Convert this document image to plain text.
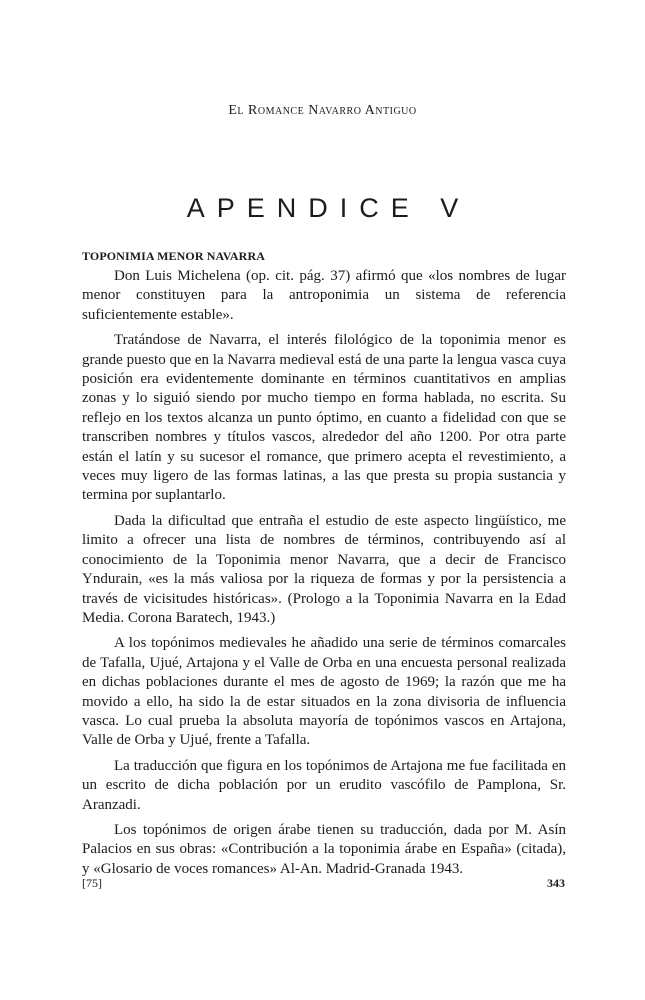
El Romance Navarro Antiguo
APENDICE V
TOPONIMIA MENOR NAVARRA

Don Luis Michelena (op. cit. pág. 37) afirmó que «los nombres de lugar menor constituyen para la antroponimia un sistema de referencia suficientemente estable».

Tratándose de Navarra, el interés filológico de la toponimia menor es grande puesto que en la Navarra medieval está de una parte la lengua vasca cuya posición era evidentemente dominante en términos cuantitativos en amplias zonas y lo siguió siendo por mucho tiempo en forma hablada, no escrita. Su reflejo en los textos alcanza un punto óptimo, en cuanto a fidelidad con que se transcriben nombres y títulos vascos, alrededor del año 1200. Por otra parte están el latín y su sucesor el romance, que primero acepta el revestimiento, a veces muy ligero de las formas latinas, a las que presta su propia sustancia y termina por suplantarlo.

Dada la dificultad que entraña el estudio de este aspecto lingüístico, me limito a ofrecer una lista de nombres de términos, contribuyendo así al conocimiento de la Toponimia menor Navarra, que a decir de Francisco Yndurain, «es la más valiosa por la riqueza de formas y por la persistencia a través de vicisitudes históricas». (Prologo a la Toponimia Navarra en la Edad Media. Corona Baratech, 1943.)

A los topónimos medievales he añadido una serie de términos comarcales de Tafalla, Ujué, Artajona y el Valle de Orba en una encuesta personal realizada en dichas poblaciones durante el mes de agosto de 1969; la razón que me ha movido a ello, ha sido la de estar situados en la zona divisoria de influencia vasca. Lo cual prueba la absoluta mayoría de topónimos vascos en Artajona, Valle de Orba y Ujué, frente a Tafalla.

La traducción que figura en los topónimos de Artajona me fue facilitada en un escrito de dicha población por un erudito vascófilo de Pamplona, Sr. Aranzadi.

Los topónimos de origen árabe tienen su traducción, dada por M. Asín Palacios en sus obras: «Contribución a la toponimia árabe en España» (citada), y «Glosario de voces romances» Al-An. Madrid-Granada 1943.

[75]	343
